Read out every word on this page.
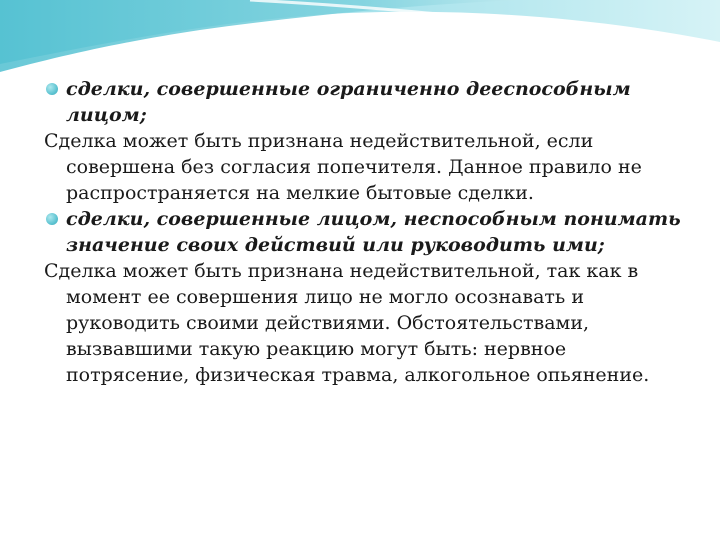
сделки, совершенные ограниченно дееспособным лицом;

Сделка может быть признана недействительной, если совершена без согласия попечителя. Данное правило не распространяется на мелкие бытовые сделки.

сделки, совершенные лицом, неспособным понимать значение своих действий или руководить ими;

Сделка может быть признана недействительной, так как в момент ее совершения лицо не могло осознавать и руководить своими действиями. Обстоятельствами, вызвавшими такую реакцию могут быть: нервное потрясение, физическая травма, алкогольное опьянение.
